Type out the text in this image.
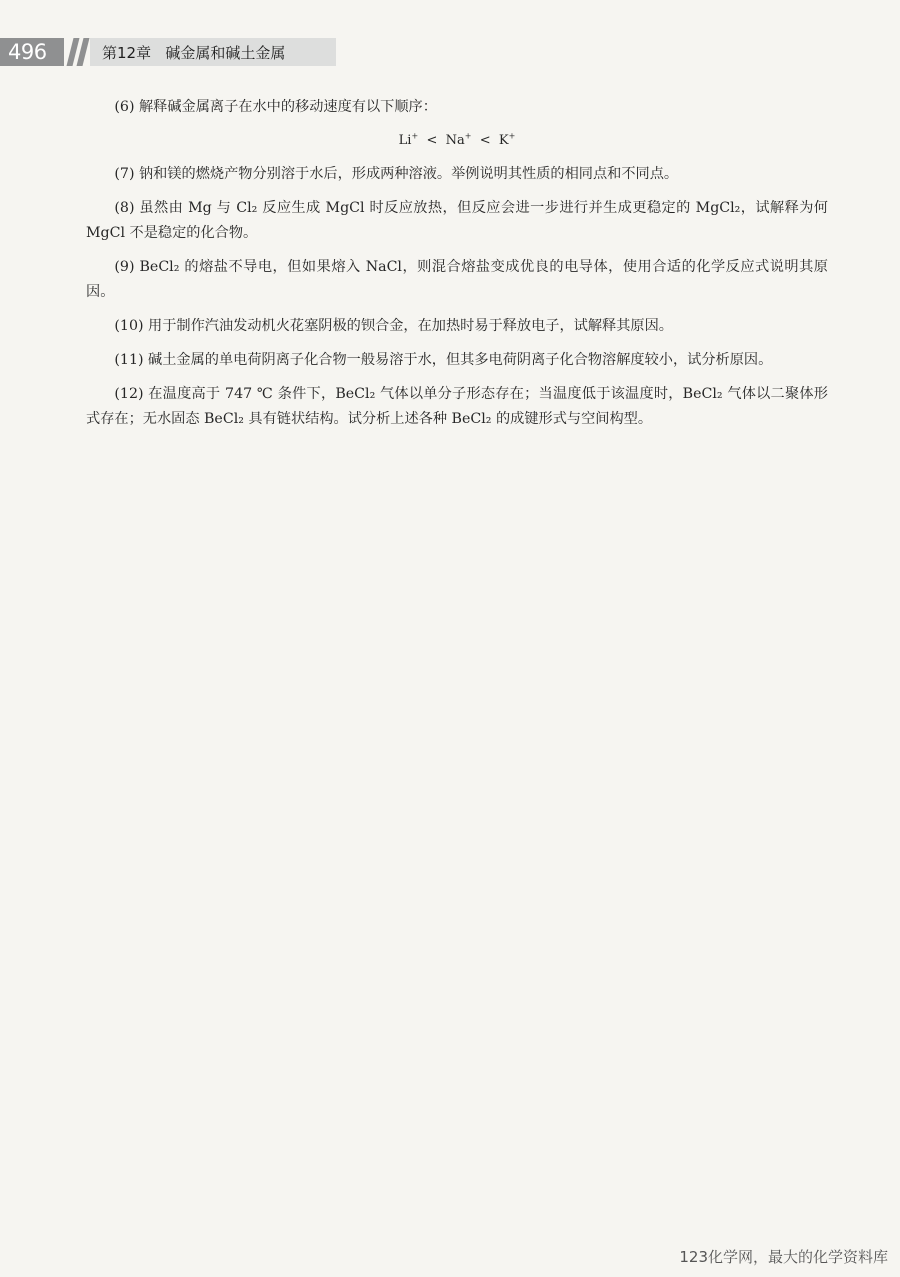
496	第12章   碱金属和碱土金属

(6) 解释碱金属离子在水中的移动速度有以下顺序：

Li+ < Na+ < K+

(7) 钠和镁的燃烧产物分别溶于水后，形成两种溶液。举例说明其性质的相同点和不同点。

(8) 虽然由 Mg 与 Cl₂ 反应生成 MgCl 时反应放热，但反应会进一步进行并生成更稳定的 MgCl₂，试解释为何 MgCl 不是稳定的化合物。

(9) BeCl₂ 的熔盐不导电，但如果熔入 NaCl，则混合熔盐变成优良的电导体，使用合适的化学反应式说明其原因。

(10) 用于制作汽油发动机火花塞阴极的钡合金，在加热时易于释放电子，试解释其原因。

(11) 碱土金属的单电荷阴离子化合物一般易溶于水，但其多电荷阴离子化合物溶解度较小，试分析原因。

(12) 在温度高于 747 ℃ 条件下，BeCl₂ 气体以单分子形态存在；当温度低于该温度时，BeCl₂ 气体以二聚体形式存在；无水固态 BeCl₂ 具有链状结构。试分析上述各种 BeCl₂ 的成键形式与空间构型。

123化学网，最大的化学资料库
